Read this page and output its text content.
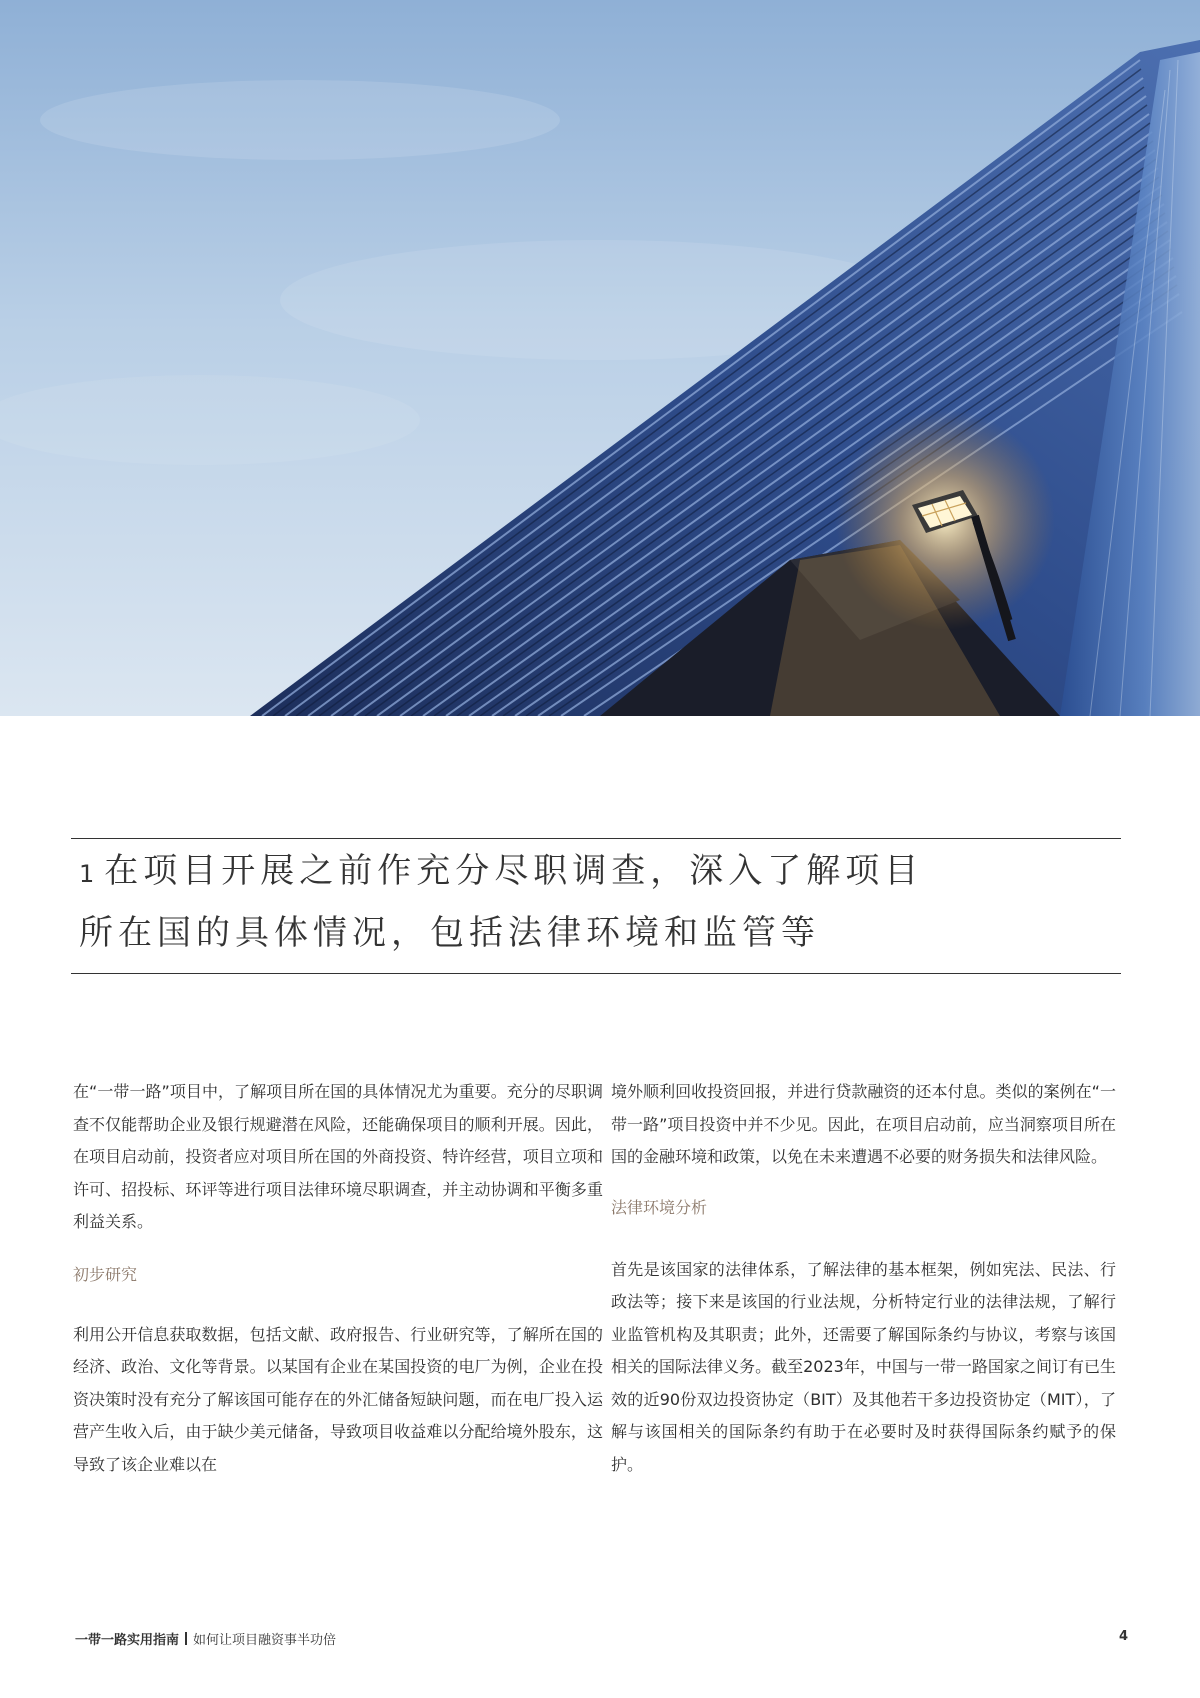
1 在项目开展之前作充分尽职调查，深入了解项目
所在国的具体情况，包括法律环境和监管等

在“一带一路”项目中，了解项目所在国的具体情况尤为重要。充分的尽职调查不仅能帮助企业及银行规避潜在风险，还能确保项目的顺利开展。因此，在项目启动前，投资者应对项目所在国的外商投资、特许经营，项目立项和许可、招投标、环评等进行项目法律环境尽职调查，并主动协调和平衡多重利益关系。

初步研究

利用公开信息获取数据，包括文献、政府报告、行业研究等，了解所在国的经济、政治、文化等背景。以某国有企业在某国投资的电厂为例，企业在投资决策时没有充分了解该国可能存在的外汇储备短缺问题，而在电厂投入运营产生收入后，由于缺少美元储备，导致项目收益难以分配给境外股东，这导致了该企业难以在

境外顺利回收投资回报，并进行贷款融资的还本付息。类似的案例在“一带一路”项目投资中并不少见。因此，在项目启动前，应当洞察项目所在国的金融环境和政策，以免在未来遭遇不必要的财务损失和法律风险。

法律环境分析

首先是该国家的法律体系，了解法律的基本框架，例如宪法、民法、行政法等；接下来是该国的行业法规，分析特定行业的法律法规，了解行业监管机构及其职责；此外，还需要了解国际条约与协议，考察与该国相关的国际法律义务。截至2023年，中国与一带一路国家之间订有已生效的近90份双边投资协定（BIT）及其他若干多边投资协定（MIT），了解与该国相关的国际条约有助于在必要时及时获得国际条约赋予的保护。

一带一路实用指南 如何让项目融资事半功倍	4
